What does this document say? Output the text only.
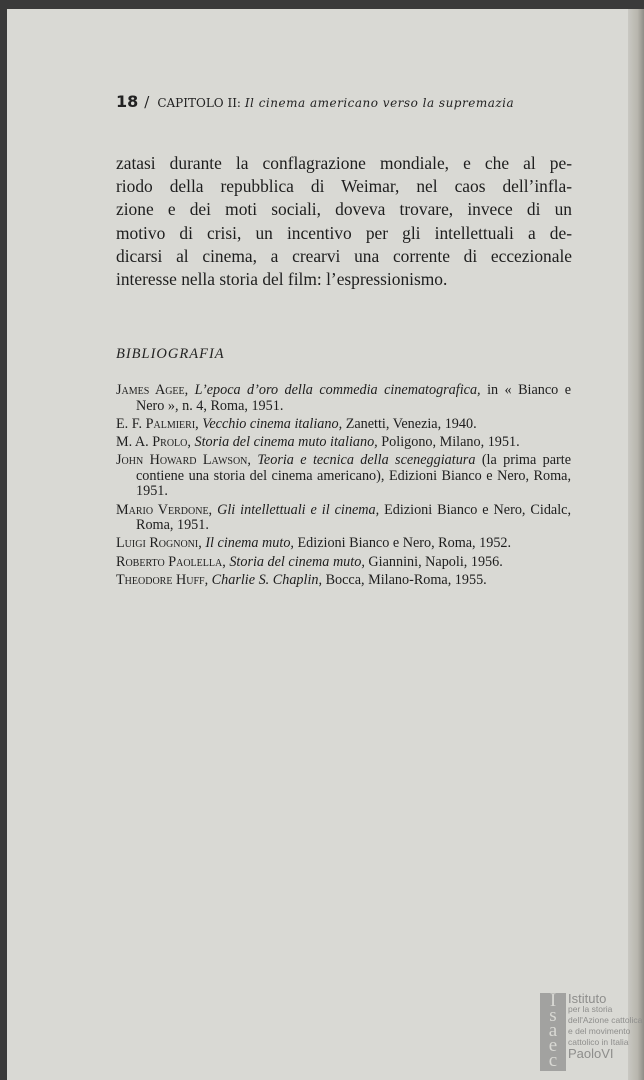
18 / CAPITOLO II: Il cinema americano verso la supremazia
zatasi durante la conflagrazione mondiale, e che al pe-
riodo della repubblica di Weimar, nel caos dell’infla-
zione e dei moti sociali, doveva trovare, invece di un
motivo di crisi, un incentivo per gli intellettuali a de-
dicarsi al cinema, a crearvi una corrente di eccezionale
interesse nella storia del film: l’espressionismo.
BIBLIOGRAFIA
James Agee, L’epoca d’oro della commedia cinematografica, in « Bianco e Nero », n. 4, Roma, 1951.
E. F. Palmieri, Vecchio cinema italiano, Zanetti, Venezia, 1940.
M. A. Prolo, Storia del cinema muto italiano, Poligono, Milano, 1951.
John Howard Lawson, Teoria e tecnica della sceneggiatura (la prima parte contiene una storia del cinema americano), Edizioni Bianco e Nero, Roma, 1951.
Mario Verdone, Gli intellettuali e il cinema, Edizioni Bianco e Nero, Cidalc, Roma, 1951.
Luigi Rognoni, Il cinema muto, Edizioni Bianco e Nero, Roma, 1952.
Roberto Paolella, Storia del cinema muto, Giannini, Napoli, 1956.
Theodore Huff, Charlie S. Chaplin, Bocca, Milano-Roma, 1955.
I
s
a
e
c
Istituto
per la storia
dell'Azione cattolica
e del movimento
cattolico in Italia
PaoloVI
